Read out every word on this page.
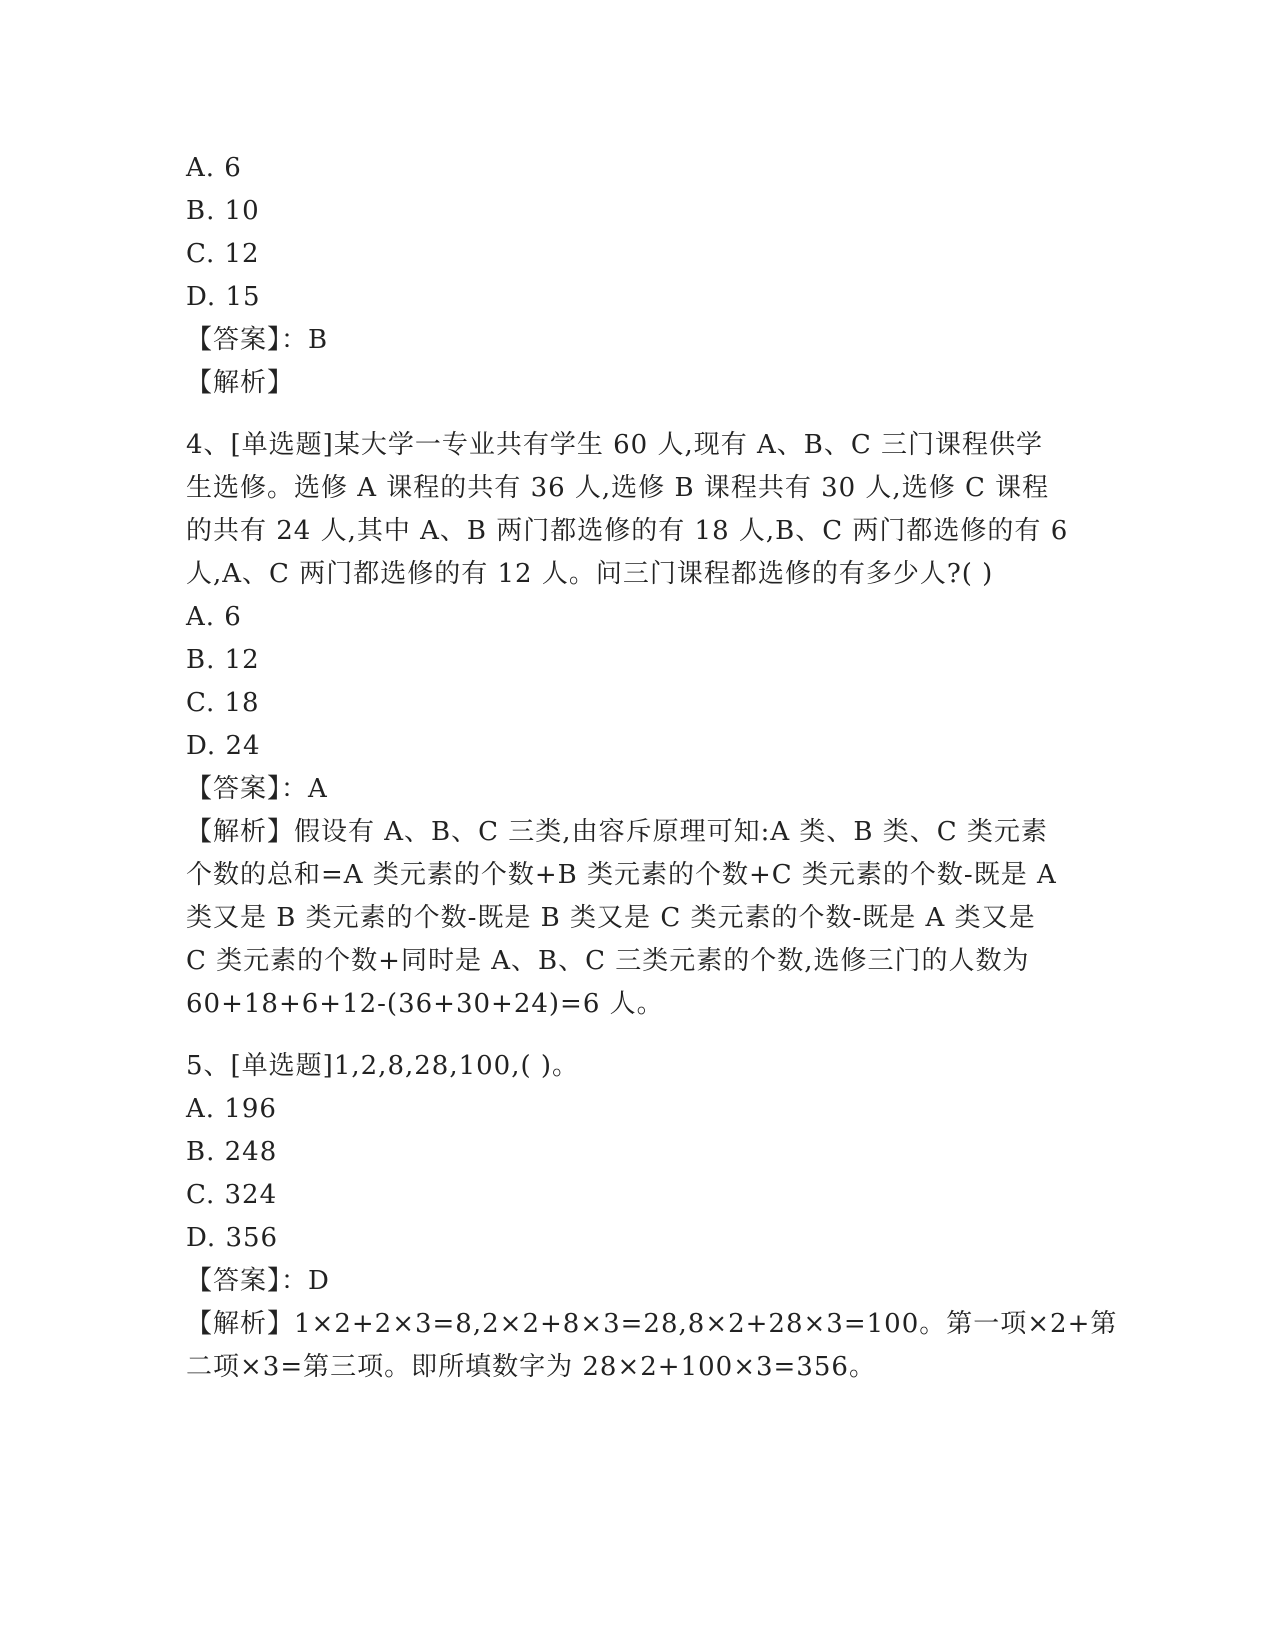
A. 6
B. 10
C. 12
D. 15
【答案】：B
【解析】
4、[单选题]某大学一专业共有学生 60 人,现有 A、B、C 三门课程供学
生选修。选修 A 课程的共有 36 人,选修 B 课程共有 30 人,选修 C 课程
的共有 24 人,其中 A、B 两门都选修的有 18 人,B、C 两门都选修的有 6
人,A、C 两门都选修的有 12 人。问三门课程都选修的有多少人?( )
A. 6
B. 12
C. 18
D. 24
【答案】：A
【解析】假设有 A、B、C 三类,由容斥原理可知:A 类、B 类、C 类元素
个数的总和=A 类元素的个数+B 类元素的个数+C 类元素的个数-既是 A
类又是 B 类元素的个数-既是 B 类又是 C 类元素的个数-既是 A 类又是
C 类元素的个数+同时是 A、B、C 三类元素的个数,选修三门的人数为
60+18+6+12-(36+30+24)=6 人。
5、[单选题]1,2,8,28,100,( )。
A. 196
B. 248
C. 324
D. 356
【答案】：D
【解析】1×2+2×3=8,2×2+8×3=28,8×2+28×3=100。第一项×2+第
二项×3=第三项。即所填数字为 28×2+100×3=356。
